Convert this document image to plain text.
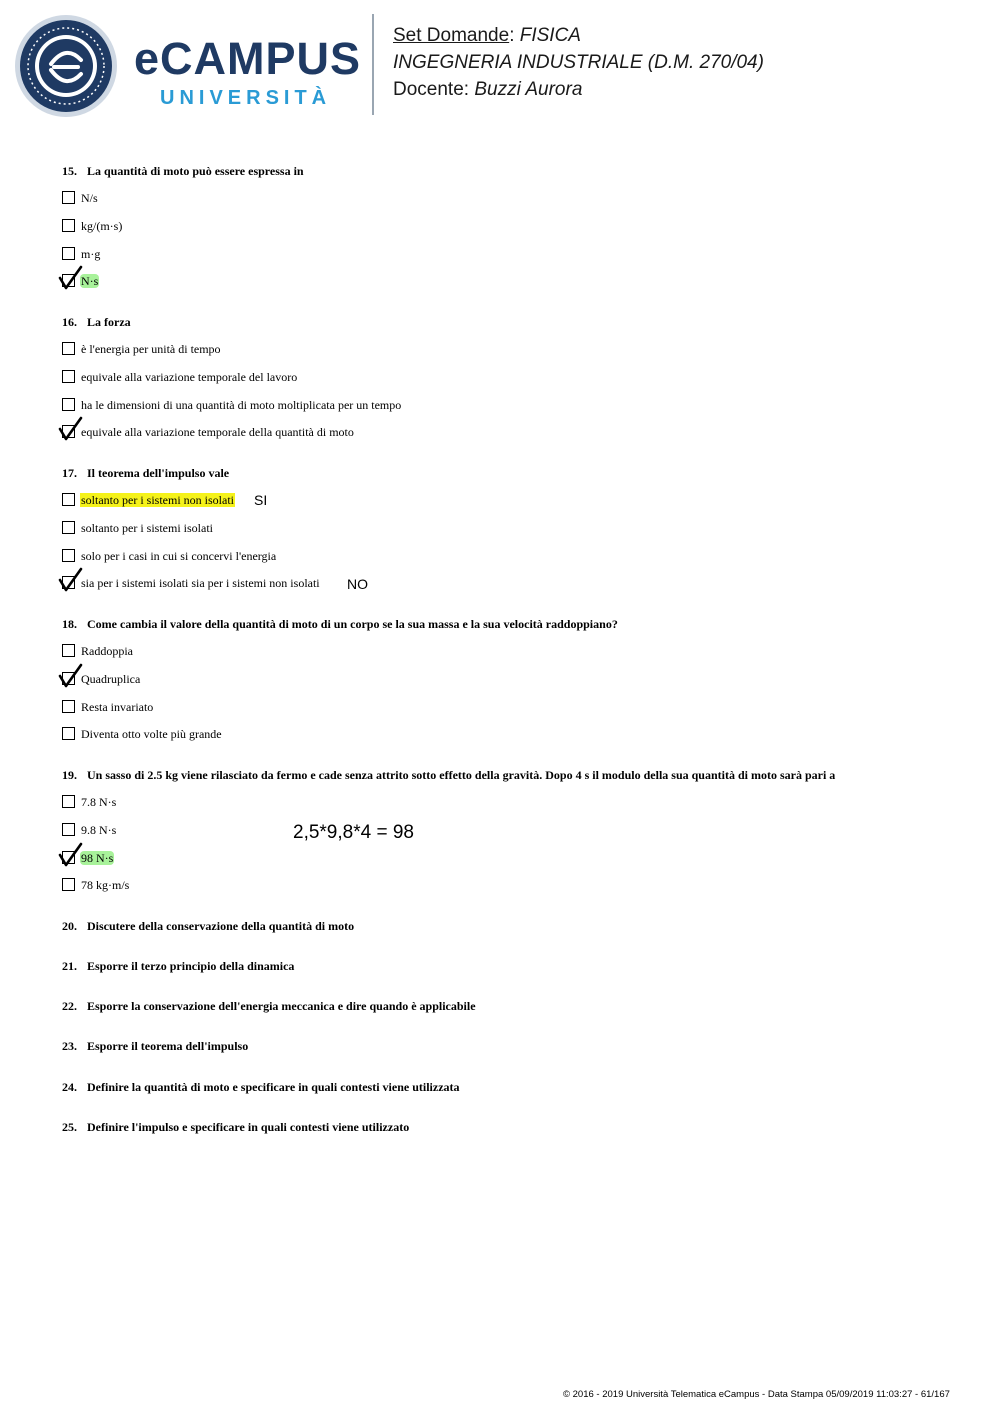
eCAMPUS
UNIVERSITÀ
Set Domande: FISICA
INGEGNERIA INDUSTRIALE (D.M. 270/04)
Docente: Buzzi Aurora
15. La quantità di moto può essere espressa in
N/s
kg/(m·s)
m·g
N·s
16. La forza
è l'energia per unità di tempo
equivale alla variazione temporale del lavoro
ha le dimensioni di una quantità di moto moltiplicata per un tempo
equivale alla variazione temporale della quantità di moto
17. Il teorema dell'impulso vale
soltanto per i sistemi non isolati SI
soltanto per i sistemi isolati
solo per i casi in cui si concervi l'energia
sia per i sistemi isolati sia per i sistemi non isolati NO
18. Come cambia il valore della quantità di moto di un corpo se la sua massa e la sua velocità raddoppiano?
Raddoppia
Quadruplica
Resta invariato
Diventa otto volte più grande
19. Un sasso di 2.5 kg viene rilasciato da fermo e cade senza attrito sotto effetto della gravità. Dopo 4 s il modulo della sua quantità di moto sarà pari a
7.8 N·s
9.8 N·s
98 N·s
78 kg·m/s
2,5*9,8*4 = 98
20. Discutere della conservazione della quantità di moto
21. Esporre il terzo principio della dinamica
22. Esporre la conservazione dell'energia meccanica e dire quando è applicabile
23. Esporre il teorema dell'impulso
24. Definire la quantità di moto e specificare in quali contesti viene utilizzata
25. Definire l'impulso e specificare in quali contesti viene utilizzato
© 2016 - 2019 Università Telematica eCampus - Data Stampa 05/09/2019 11:03:27 - 61/167
